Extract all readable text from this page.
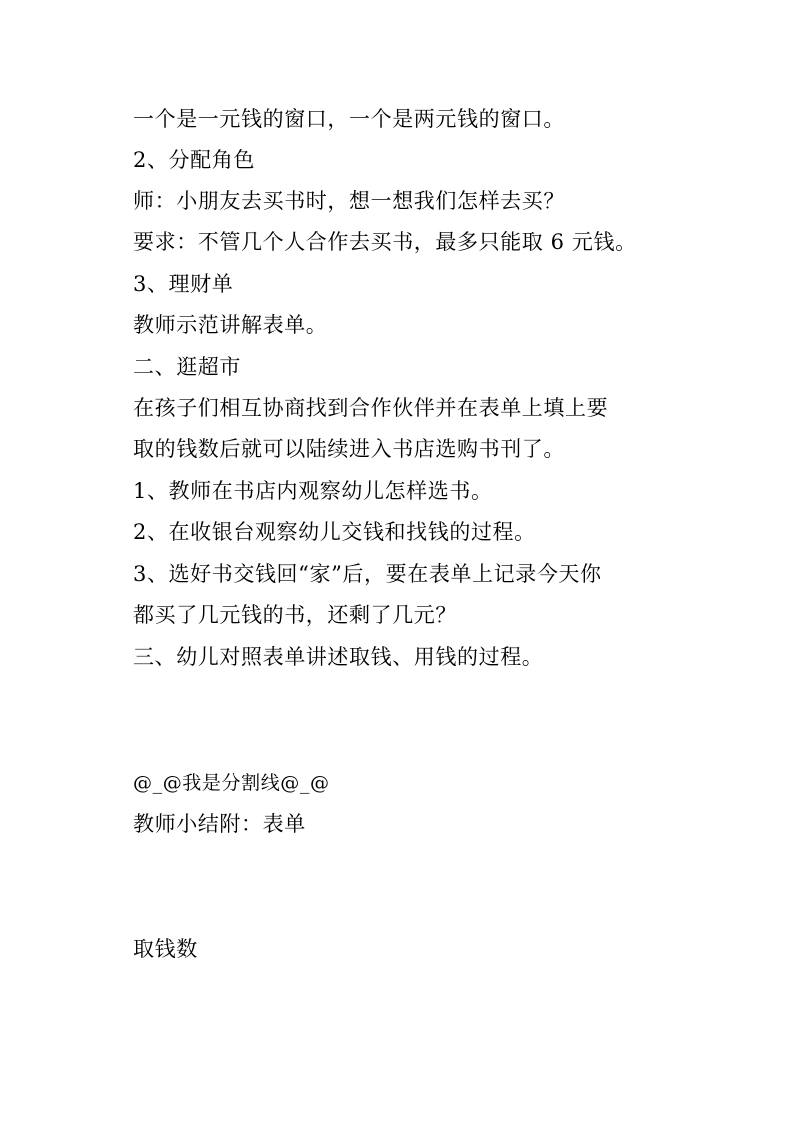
一个是一元钱的窗口，一个是两元钱的窗口。
2、分配角色
师：小朋友去买书时，想一想我们怎样去买？
要求：不管几个人合作去买书，最多只能取 6 元钱。
3、理财单
教师示范讲解表单。
二、逛超市
在孩子们相互协商找到合作伙伴并在表单上填上要
取的钱数后就可以陆续进入书店选购书刊了。
1、教师在书店内观察幼儿怎样选书。
2、在收银台观察幼儿交钱和找钱的过程。
3、选好书交钱回“家”后，要在表单上记录今天你
都买了几元钱的书，还剩了几元？
三、幼儿对照表单讲述取钱、用钱的过程。
@_@我是分割线@_@
教师小结附：表单
取钱数
